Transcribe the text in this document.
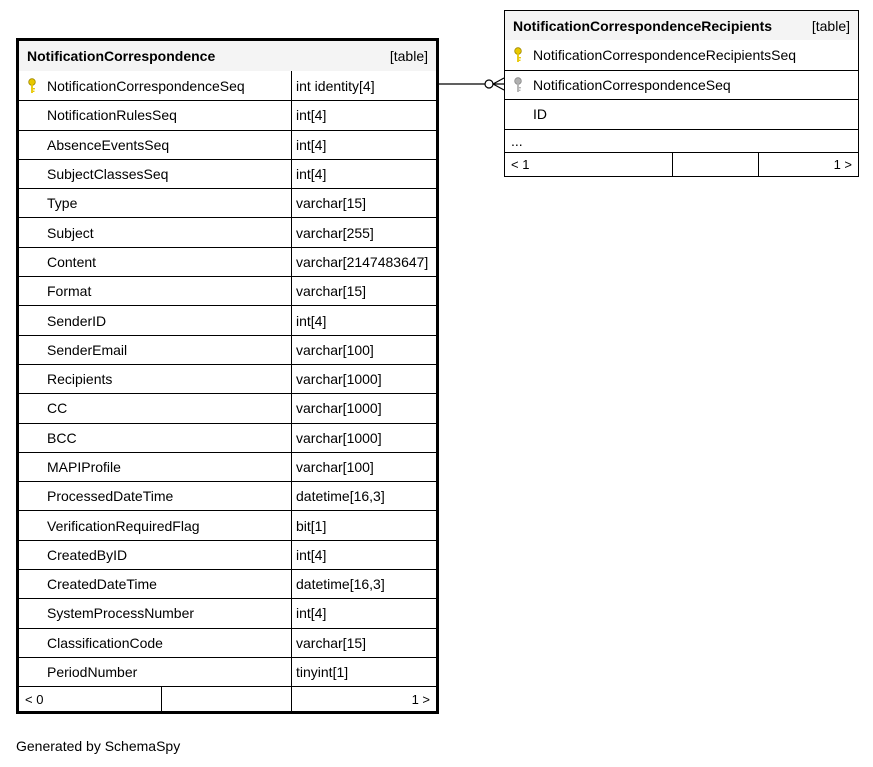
NotificationCorrespondence	[table]
NotificationCorrespondenceSeq	int identity[4]
NotificationRulesSeq	int[4]
AbsenceEventsSeq	int[4]
SubjectClassesSeq	int[4]
Type	varchar[15]
Subject	varchar[255]
Content	varchar[2147483647]
Format	varchar[15]
SenderID	int[4]
SenderEmail	varchar[100]
Recipients	varchar[1000]
CC	varchar[1000]
BCC	varchar[1000]
MAPIProfile	varchar[100]
ProcessedDateTime	datetime[16,3]
VerificationRequiredFlag	bit[1]
CreatedByID	int[4]
CreatedDateTime	datetime[16,3]
SystemProcessNumber	int[4]
ClassificationCode	varchar[15]
PeriodNumber	tinyint[1]
< 0	1 >
NotificationCorrespondenceRecipients	[table]
NotificationCorrespondenceRecipientsSeq
NotificationCorrespondenceSeq
ID
...
< 1	1 >
Generated by SchemaSpy
